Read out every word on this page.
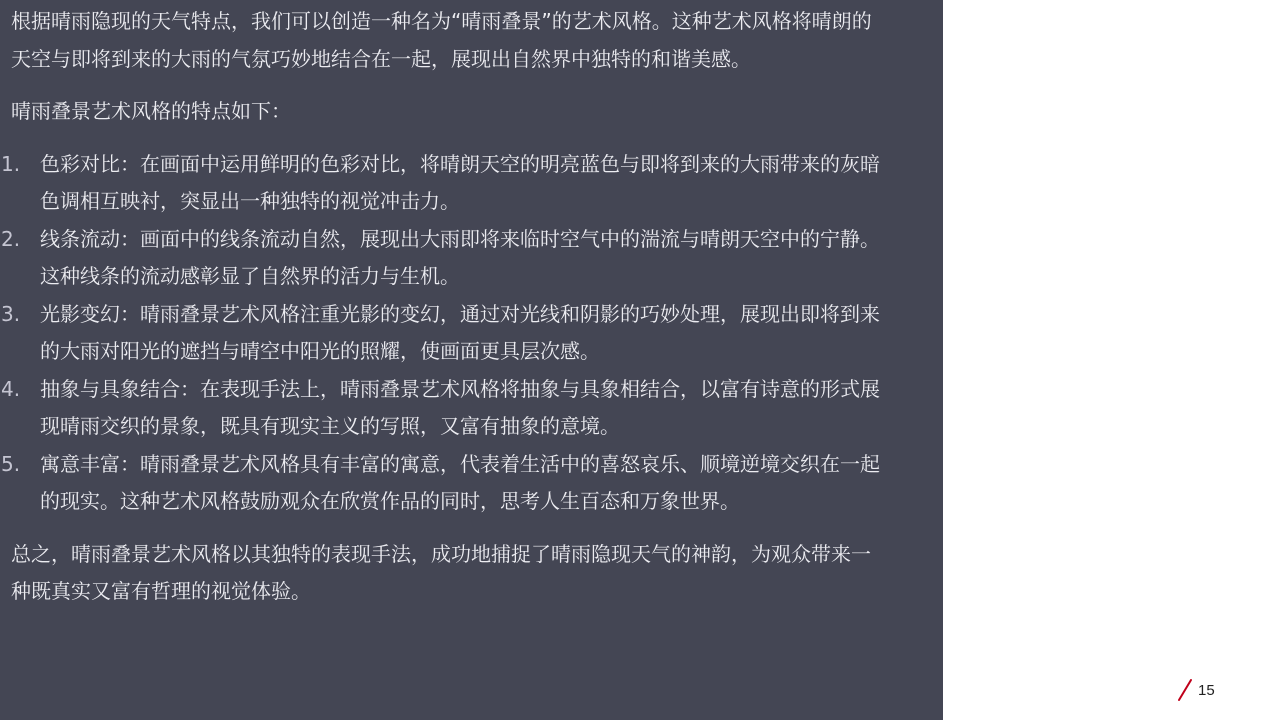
根据晴雨隐现的天气特点，我们可以创造一种名为“晴雨叠景”的艺术风格。这种艺术风格将晴朗的天空与即将到来的大雨的气氛巧妙地结合在一起，展现出自然界中独特的和谐美感。

晴雨叠景艺术风格的特点如下：

1. 色彩对比：在画面中运用鲜明的色彩对比，将晴朗天空的明亮蓝色与即将到来的大雨带来的灰暗色调相互映衬，突显出一种独特的视觉冲击力。
2. 线条流动：画面中的线条流动自然，展现出大雨即将来临时空气中的湍流与晴朗天空中的宁静。这种线条的流动感彰显了自然界的活力与生机。
3. 光影变幻：晴雨叠景艺术风格注重光影的变幻，通过对光线和阴影的巧妙处理，展现出即将到来的大雨对阳光的遮挡与晴空中阳光的照耀，使画面更具层次感。
4. 抽象与具象结合：在表现手法上，晴雨叠景艺术风格将抽象与具象相结合，以富有诗意的形式展现晴雨交织的景象，既具有现实主义的写照，又富有抽象的意境。
5. 寓意丰富：晴雨叠景艺术风格具有丰富的寓意，代表着生活中的喜怒哀乐、顺境逆境交织在一起的现实。这种艺术风格鼓励观众在欣赏作品的同时，思考人生百态和万象世界。

总之，晴雨叠景艺术风格以其独特的表现手法，成功地捕捉了晴雨隐现天气的神韵，为观众带来一种既真实又富有哲理的视觉体验。

15
